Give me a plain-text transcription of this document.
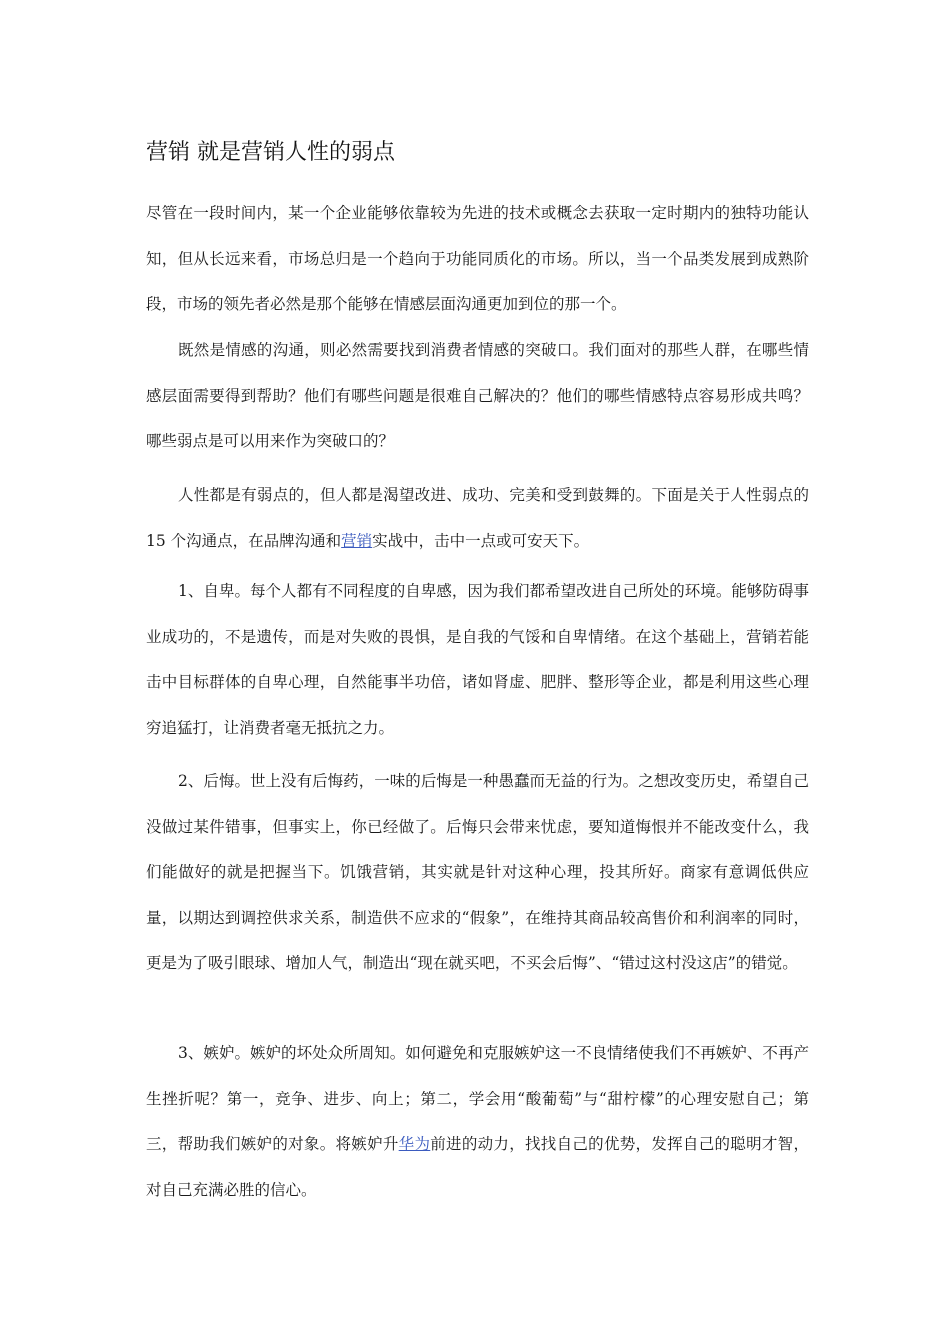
营销 就是营销人性的弱点

尽管在一段时间内，某一个企业能够依靠较为先进的技术或概念去获取一定时期内的独特功能认知，但从长远来看，市场总归是一个趋向于功能同质化的市场。所以，当一个品类发展到成熟阶段，市场的领先者必然是那个能够在情感层面沟通更加到位的那一个。

既然是情感的沟通，则必然需要找到消费者情感的突破口。我们面对的那些人群，在哪些情感层面需要得到帮助？他们有哪些问题是很难自己解决的？他们的哪些情感特点容易形成共鸣？哪些弱点是可以用来作为突破口的？

人性都是有弱点的，但人都是渴望改进、成功、完美和受到鼓舞的。下面是关于人性弱点的 15 个沟通点，在品牌沟通和营销实战中，击中一点或可安天下。

1、自卑。每个人都有不同程度的自卑感，因为我们都希望改进自己所处的环境。能够防碍事业成功的，不是遗传，而是对失败的畏惧，是自我的气馁和自卑情绪。在这个基础上，营销若能击中目标群体的自卑心理，自然能事半功倍，诸如肾虚、肥胖、整形等企业，都是利用这些心理穷追猛打，让消费者毫无抵抗之力。

2、后悔。世上没有后悔药，一味的后悔是一种愚蠢而无益的行为。之想改变历史，希望自己没做过某件错事，但事实上，你已经做了。后悔只会带来忧虑，要知道悔恨并不能改变什么，我们能做好的就是把握当下。饥饿营销，其实就是针对这种心理，投其所好。商家有意调低供应量，以期达到调控供求关系，制造供不应求的“假象”，在维持其商品较高售价和利润率的同时，更是为了吸引眼球、增加人气，制造出“现在就买吧，不买会后悔”、“错过这村没这店”的错觉。

3、嫉妒。嫉妒的坏处众所周知。如何避免和克服嫉妒这一不良情绪使我们不再嫉妒、不再产生挫折呢？第一，竞争、进步、向上；第二，学会用“酸葡萄”与“甜柠檬”的心理安慰自己；第三，帮助我们嫉妒的对象。将嫉妒升华为前进的动力，找找自己的优势，发挥自己的聪明才智，对自己充满必胜的信心。
